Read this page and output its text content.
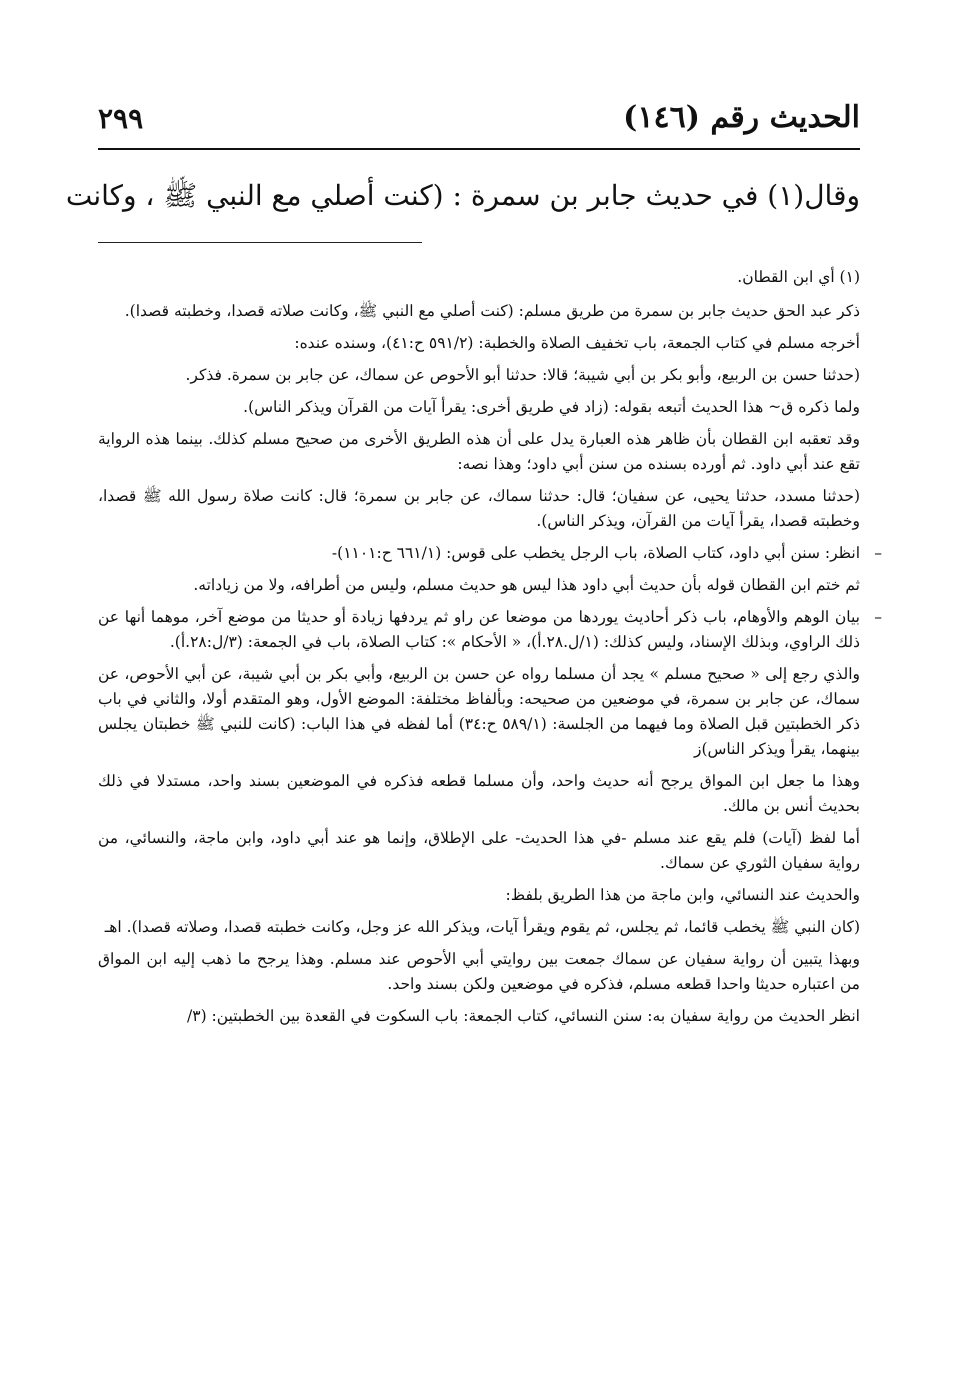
الحديث رقم (١٤٦)
٢٩٩
وقال(١) في حديث جابر بن سمرة : (كنت أصلي مع النبي ﷺ ، وكانت

(١) أي ابن القطان.

ذكر عبد الحق حديث جابر بن سمرة من طريق مسلم: (كنت أصلي مع النبي ﷺ، وكانت صلاته قصدا، وخطبته قصدا).

أخرجه مسلم في كتاب الجمعة، باب تخفيف الصلاة والخطبة: (٥٩١/٢ ح:٤١)، وسنده عنده:

(حدثنا حسن بن الربيع، وأبو بكر بن أبي شيبة؛ قالا: حدثنا أبو الأحوص عن سماك، عن جابر بن سمرة. فذكر.

ولما ذكره ق~ هذا الحديث أتبعه بقوله: (زاد في طريق أخرى: يقرأ آيات من القرآن ويذكر الناس).

وقد تعقبه ابن القطان بأن ظاهر هذه العبارة يدل على أن هذه الطريق الأخرى من صحيح مسلم كذلك. بينما هذه الرواية تقع عند أبي داود. ثم أورده بسنده من سنن أبي داود؛ وهذا نصه:

(حدثنا مسدد، حدثنا يحيى، عن سفيان؛ قال: حدثنا سماك، عن جابر بن سمرة؛ قال: كانت صلاة رسول الله ﷺ قصدا، وخطبته قصدا، يقرأ آيات من القرآن، ويذكر الناس).

– انظر: سنن أبي داود، كتاب الصلاة، باب الرجل يخطب على قوس: (٦٦١/١ ح:١١٠١)-

ثم ختم ابن القطان قوله بأن حديث أبي داود هذا ليس هو حديث مسلم، وليس من أطرافه، ولا من زياداته.

– بيان الوهم والأوهام، باب ذكر أحاديث يوردها من موضعا عن راو ثم يردفها زيادة أو حديثا من موضع آخر، موهما أنها عن ذلك الراوي، وبذلك الإسناد، وليس كذلك: (١/ل.٢٨.أ)، « الأحكام »: كتاب الصلاة، باب في الجمعة: (٣/ل:٢٨.أ).

والذي رجع إلى « صحيح مسلم » يجد أن مسلما رواه عن حسن بن الربيع، وأبي بكر بن أبي شيبة، عن أبي الأحوص، عن سماك، عن جابر بن سمرة، في موضعين من صحيحه: وبألفاظ مختلفة: الموضع الأول، وهو المتقدم أولا، والثاني في باب ذكر الخطبتين قبل الصلاة وما فيهما من الجلسة: (٥٨٩/١ ح:٣٤) أما لفظه في هذا الباب: (كانت للنبي ﷺ خطبتان يجلس بينهما، يقرأ ويذكر الناس)ز

وهذا ما جعل ابن المواق يرجح أنه حديث واحد، وأن مسلما قطعه فذكره في الموضعين بسند واحد، مستدلا في ذلك بحديث أنس بن مالك.

أما لفظ (آيات) فلم يقع عند مسلم -في هذا الحديث- على الإطلاق، وإنما هو عند أبي داود، وابن ماجة، والنسائي، من رواية سفيان الثوري عن سماك.

والحديث عند النسائي، وابن ماجة من هذا الطريق بلفظ:

(كان النبي ﷺ يخطب قائما، ثم يجلس، ثم يقوم ويقرأ آيات، ويذكر الله عز وجل، وكانت خطبته قصدا، وصلاته قصدا). اهـ

وبهذا يتبين أن رواية سفيان عن سماك جمعت بين روايتي أبي الأحوص عند مسلم. وهذا يرجح ما ذهب إليه ابن المواق من اعتباره حديثا واحدا قطعه مسلم، فذكره في موضعين ولكن بسند واحد.

انظر الحديث من رواية سفيان به: سنن النسائي، كتاب الجمعة: باب السكوت في القعدة بين الخطبتين: (٣/
